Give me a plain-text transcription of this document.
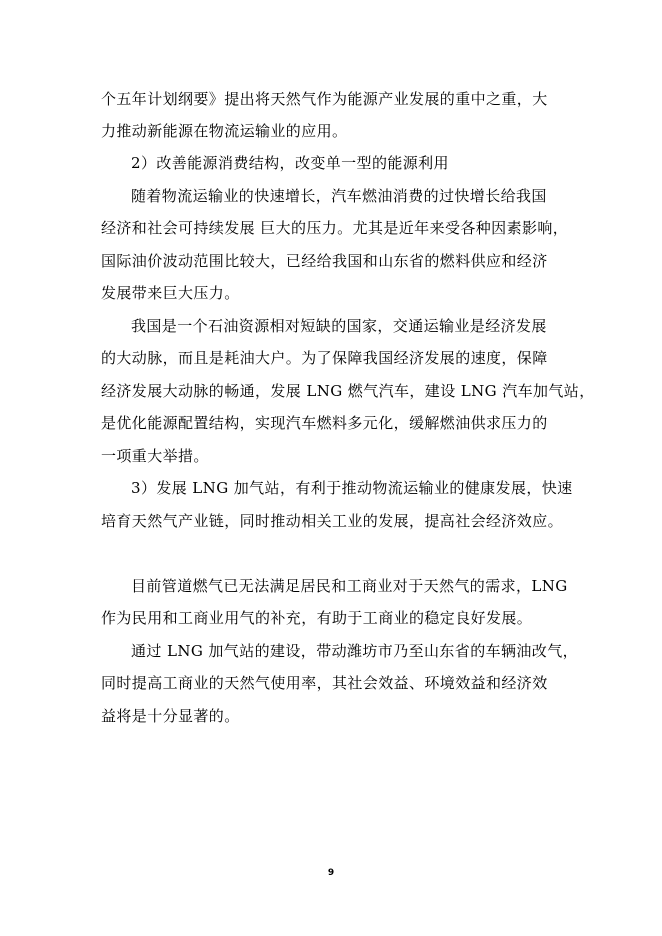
个五年计划纲要》提出将天然气作为能源产业发展的重中之重，大
力推动新能源在物流运输业的应用。
2）改善能源消费结构，改变单一型的能源利用
随着物流运输业的快速增长，汽车燃油消费的过快增长给我国
经济和社会可持续发展 巨大的压力。尤其是近年来受各种因素影响，
国际油价波动范围比较大，已经给我国和山东省的燃料供应和经济
发展带来巨大压力。
我国是一个石油资源相对短缺的国家，交通运输业是经济发展
的大动脉，而且是耗油大户。为了保障我国经济发展的速度，保障
经济发展大动脉的畅通，发展 LNG 燃气汽车，建设 LNG 汽车加气站，
是优化能源配置结构，实现汽车燃料多元化，缓解燃油供求压力的
一项重大举措。
3）发展 LNG 加气站，有利于推动物流运输业的健康发展，快速
培育天然气产业链，同时推动相关工业的发展，提高社会经济效应。
目前管道燃气已无法满足居民和工商业对于天然气的需求，LNG
作为民用和工商业用气的补充，有助于工商业的稳定良好发展。
通过 LNG 加气站的建设，带动潍坊市乃至山东省的车辆油改气，
同时提高工商业的天然气使用率，其社会效益、环境效益和经济效
益将是十分显著的。
9
